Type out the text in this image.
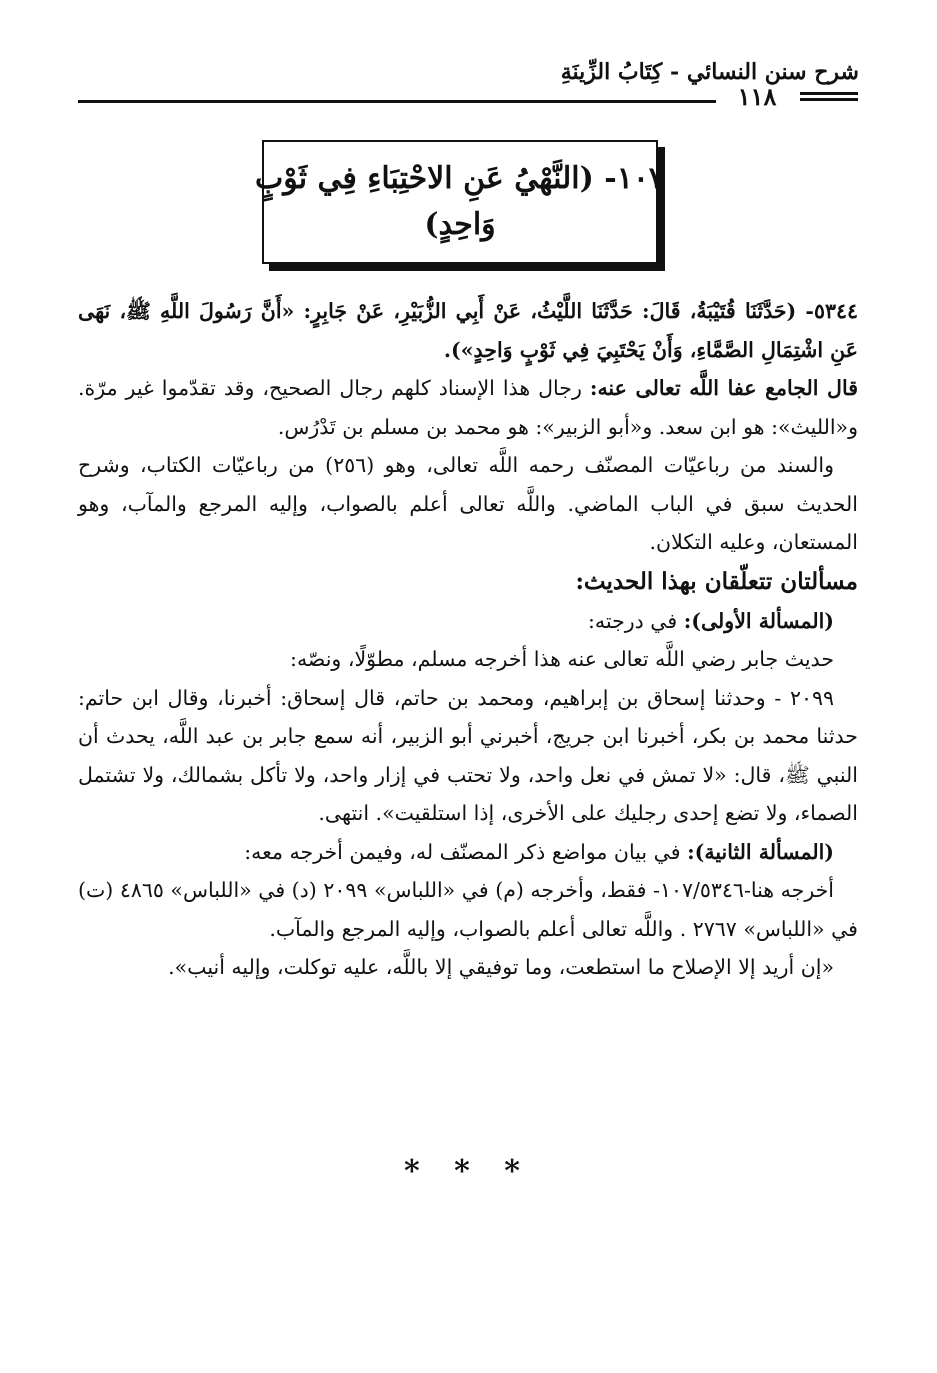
شرح سنن النسائي - كِتَابُ الزِّينَةِ
١١٨
١٠٧- (النَّهْيُ عَنِ الاحْتِبَاءِ فِي ثَوْبٍ
وَاحِدٍ)

٥٣٤٤- (حَدَّثَنَا قُتَيْبَةُ، قَالَ: حَدَّثَنَا اللَّيْثُ، عَنْ أَبِي الزُّبَيْرِ، عَنْ جَابِرٍ: «أَنَّ رَسُولَ اللَّهِ ﷺ، نَهَى عَنِ اشْتِمَالِ الصَّمَّاءِ، وَأَنْ يَحْتَبِيَ فِي ثَوْبٍ وَاحِدٍ»).

قال الجامع عفا اللَّه تعالى عنه: رجال هذا الإسناد كلهم رجال الصحيح، وقد تقدّموا غير مرّة. و«الليث»: هو ابن سعد. و«أبو الزبير»: هو محمد بن مسلم بن تَدْرُس.

والسند من رباعيّات المصنّف رحمه اللَّه تعالى، وهو (٢٥٦) من رباعيّات الكتاب، وشرح الحديث سبق في الباب الماضي. واللَّه تعالى أعلم بالصواب، وإليه المرجع والمآب، وهو المستعان، وعليه التكلان.

مسألتان تتعلّقان بهذا الحديث:

(المسألة الأولى): في درجته:

حديث جابر رضي اللَّه تعالى عنه هذا أخرجه مسلم، مطوّلًا، ونصّه:

٢٠٩٩ - وحدثنا إسحاق بن إبراهيم، ومحمد بن حاتم، قال إسحاق: أخبرنا، وقال ابن حاتم: حدثنا محمد بن بكر، أخبرنا ابن جريج، أخبرني أبو الزبير، أنه سمع جابر بن عبد اللَّه، يحدث أن النبي ﷺ، قال: «لا تمش في نعل واحد، ولا تحتب في إزار واحد، ولا تأكل بشمالك، ولا تشتمل الصماء، ولا تضع إحدى رجليك على الأخرى، إذا استلقيت». انتهى.

(المسألة الثانية): في بيان مواضع ذكر المصنّف له، وفيمن أخرجه معه:

أخرجه هنا-١٠٧/٥٣٤٦- فقط، وأخرجه (م) في «اللباس» ٢٠٩٩ (د) في «اللباس» ٤٨٦٥ (ت) في «اللباس» ٢٧٦٧ . واللَّه تعالى أعلم بالصواب، وإليه المرجع والمآب.

«إن أريد إلا الإصلاح ما استطعت، وما توفيقي إلا باللَّه، عليه توكلت، وإليه أنيب».

* * *
